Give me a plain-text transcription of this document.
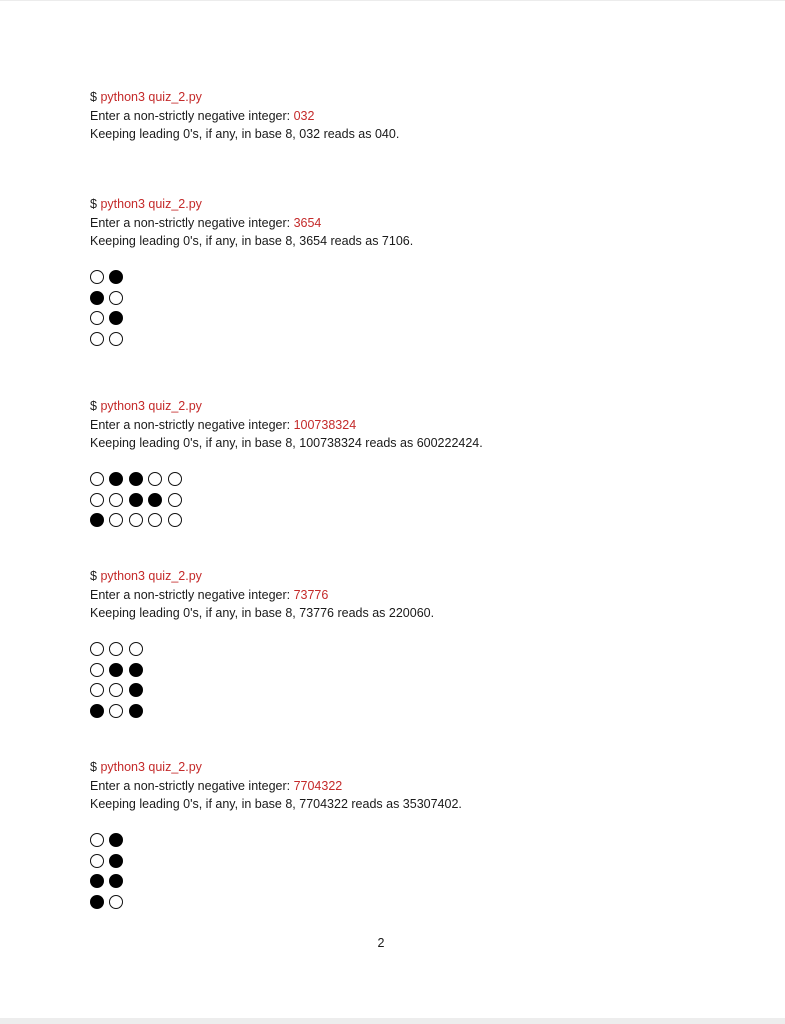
$ python3 quiz_2.py
Enter a non-strictly negative integer: 032
Keeping leading 0's, if any, in base 8, 032 reads as 040.
$ python3 quiz_2.py
Enter a non-strictly negative integer: 3654
Keeping leading 0's, if any, in base 8, 3654 reads as 7106.
$ python3 quiz_2.py
Enter a non-strictly negative integer: 100738324
Keeping leading 0's, if any, in base 8, 100738324 reads as 600222424.
$ python3 quiz_2.py
Enter a non-strictly negative integer: 73776
Keeping leading 0's, if any, in base 8, 73776 reads as 220060.
$ python3 quiz_2.py
Enter a non-strictly negative integer: 7704322
Keeping leading 0's, if any, in base 8, 7704322 reads as 35307402.
2
